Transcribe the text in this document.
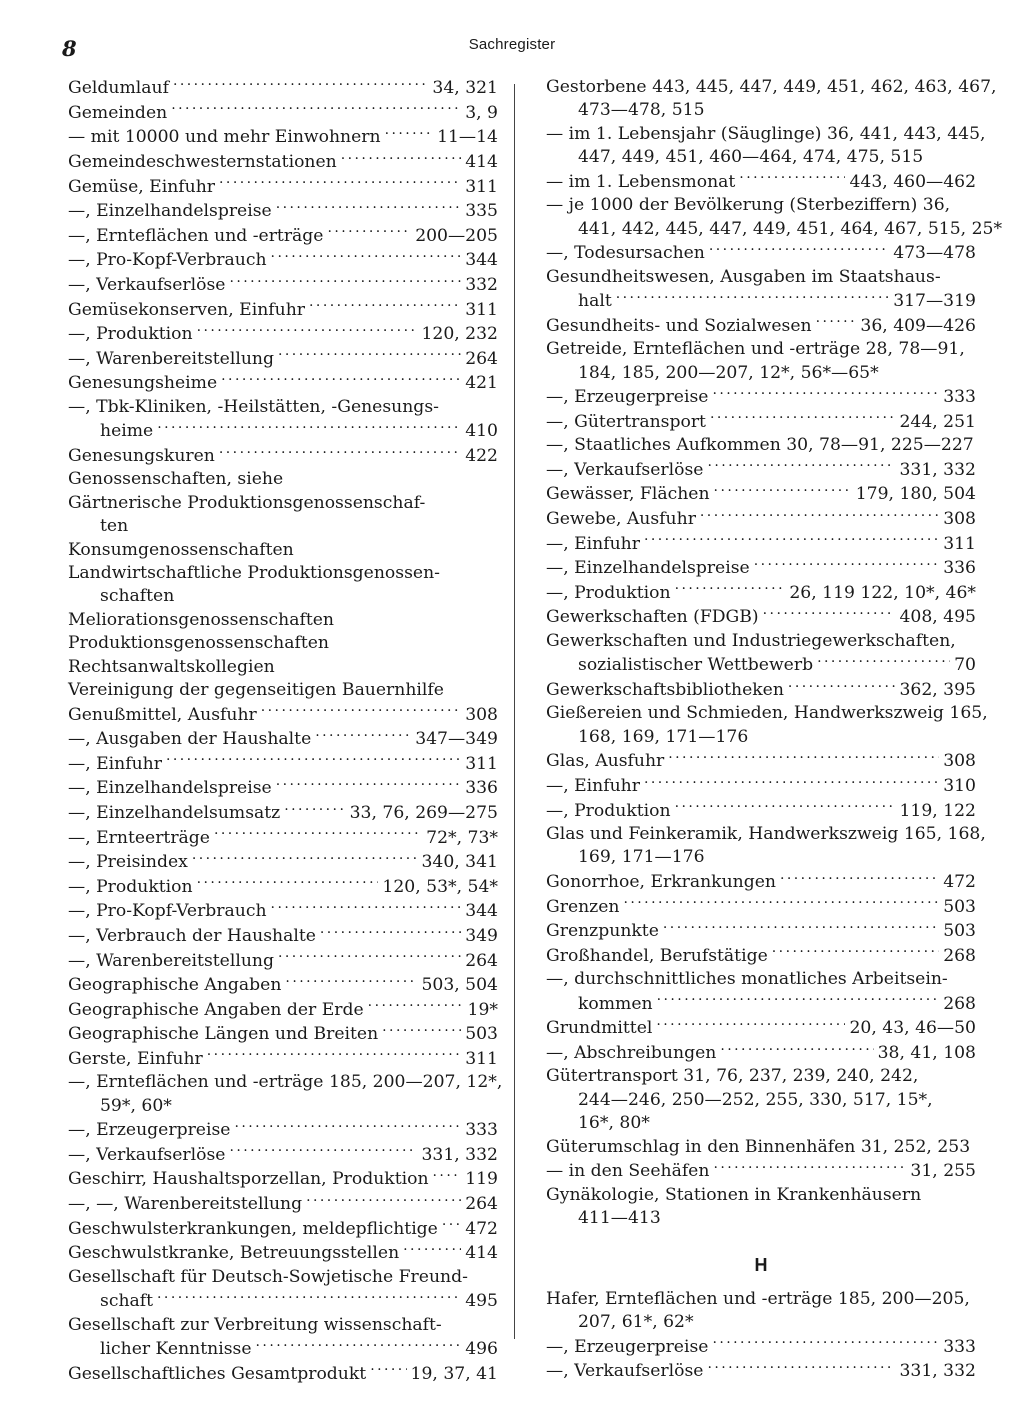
8	Sachregister
Geldumlauf . . .	34, 321
Gemeinden . . .	3, 9
— mit 10000 und mehr Einwohnern . . .	11—14
Gemeindeschwesternstationen . . .	414
Gemüse, Einfuhr . . .	311
—, Einzelhandelspreise . . .	335
—, Ernteflächen und -erträge . . .	200—205
—, Pro-Kopf-Verbrauch . . .	344
—, Verkaufserlöse . . .	332
Gemüsekonserven, Einfuhr . . .	311
—, Produktion . . .	120, 232
—, Warenbereitstellung . . .	264
Genesungsheime . . .	421
—, Tbk-Kliniken, -Heilstätten, -Genesungs-
heime . . .	410
Genesungskuren . . .	422
Genossenschaften, siehe
Gärtnerische Produktionsgenossenschaf-
ten
Konsumgenossenschaften
Landwirtschaftliche Produktionsgenossen-
schaften
Meliorationsgenossenschaften
Produktionsgenossenschaften
Rechtsanwaltskollegien
Vereinigung der gegenseitigen Bauernhilfe
Genußmittel, Ausfuhr . . .	308
—, Ausgaben der Haushalte . . .	347—349
—, Einfuhr . . .	311
—, Einzelhandelspreise . . .	336
—, Einzelhandelsumsatz . . .	33, 76, 269—275
—, Ernteerträge . . .	72*, 73*
—, Preisindex . . .	340, 341
—, Produktion . . .	120, 53*, 54*
—, Pro-Kopf-Verbrauch . . .	344
—, Verbrauch der Haushalte . . .	349
—, Warenbereitstellung . . .	264
Geographische Angaben . . .	503, 504
Geographische Angaben der Erde . . .	19*
Geographische Längen und Breiten . . .	503
Gerste, Einfuhr . . .	311
—, Ernteflächen und -erträge 185, 200—207, 12*,
59*, 60*
—, Erzeugerpreise . . .	333
—, Verkaufserlöse . . .	331, 332
Geschirr, Haushaltsporzellan, Produktion . . . 119
—, —, Warenbereitstellung . . .	264
Geschwulsterkrankungen, meldepflichtige . . . 472
Geschwulstkranke, Betreuungsstellen . . .	414
Gesellschaft für Deutsch-Sowjetische Freund-
schaft . . .	495
Gesellschaft zur Verbreitung wissenschaft-
licher Kenntnisse . . .	496
Gesellschaftliches Gesamtprodukt . . .	19, 37, 41
Gestorbene 443, 445, 447, 449, 451, 462, 463, 467,
473—478, 515
— im 1. Lebensjahr (Säuglinge) 36, 441, 443, 445,
447, 449, 451, 460—464, 474, 475, 515
— im 1. Lebensmonat . . .	443, 460—462
— je 1000 der Bevölkerung (Sterbeziffern) 36,
441, 442, 445, 447, 449, 451, 464, 467, 515, 25*
—, Todesursachen . . .	473—478
Gesundheitswesen, Ausgaben im Staatshaus-
halt . . .	317—319
Gesundheits- und Sozialwesen . . .	36, 409—426
Getreide, Ernteflächen und -erträge 28, 78—91,
184, 185, 200—207, 12*, 56*—65*
—, Erzeugerpreise . . .	333
—, Gütertransport . . .	244, 251
—, Staatliches Aufkommen 30, 78—91, 225—227
—, Verkaufserlöse . . .	331, 332
Gewässer, Flächen . . .	179, 180, 504
Gewebe, Ausfuhr . . .	308
—, Einfuhr . . .	311
—, Einzelhandelspreise . . .	336
—, Produktion . . .	26, 119 122, 10*, 46*
Gewerkschaften (FDGB) . . .	408, 495
Gewerkschaften und Industriegewerkschaften,
sozialistischer Wettbewerb . . .	70
Gewerkschaftsbibliotheken . . .	362, 395
Gießereien und Schmieden, Handwerkszweig 165,
168, 169, 171—176
Glas, Ausfuhr . . .	308
—, Einfuhr . . .	310
—, Produktion . . .	119, 122
Glas und Feinkeramik, Handwerkszweig 165, 168,
169, 171—176
Gonorrhoe, Erkrankungen . . .	472
Grenzen . . .	503
Grenzpunkte . . .	503
Großhandel, Berufstätige . . .	268
—, durchschnittliches monatliches Arbeitsein-
kommen . . .	268
Grundmittel . . .	20, 43, 46—50
—, Abschreibungen . . .	38, 41, 108
Gütertransport 31, 76, 237, 239, 240, 242,
244—246, 250—252, 255, 330, 517, 15*,
16*, 80*
Güterumschlag in den Binnenhäfen 31, 252, 253
— in den Seehäfen . . .	31, 255
Gynäkologie, Stationen in Krankenhäusern
411—413
H
Hafer, Ernteflächen und -erträge 185, 200—205,
207, 61*, 62*
—, Erzeugerpreise . . .	333
—, Verkaufserlöse . . .	331, 332
